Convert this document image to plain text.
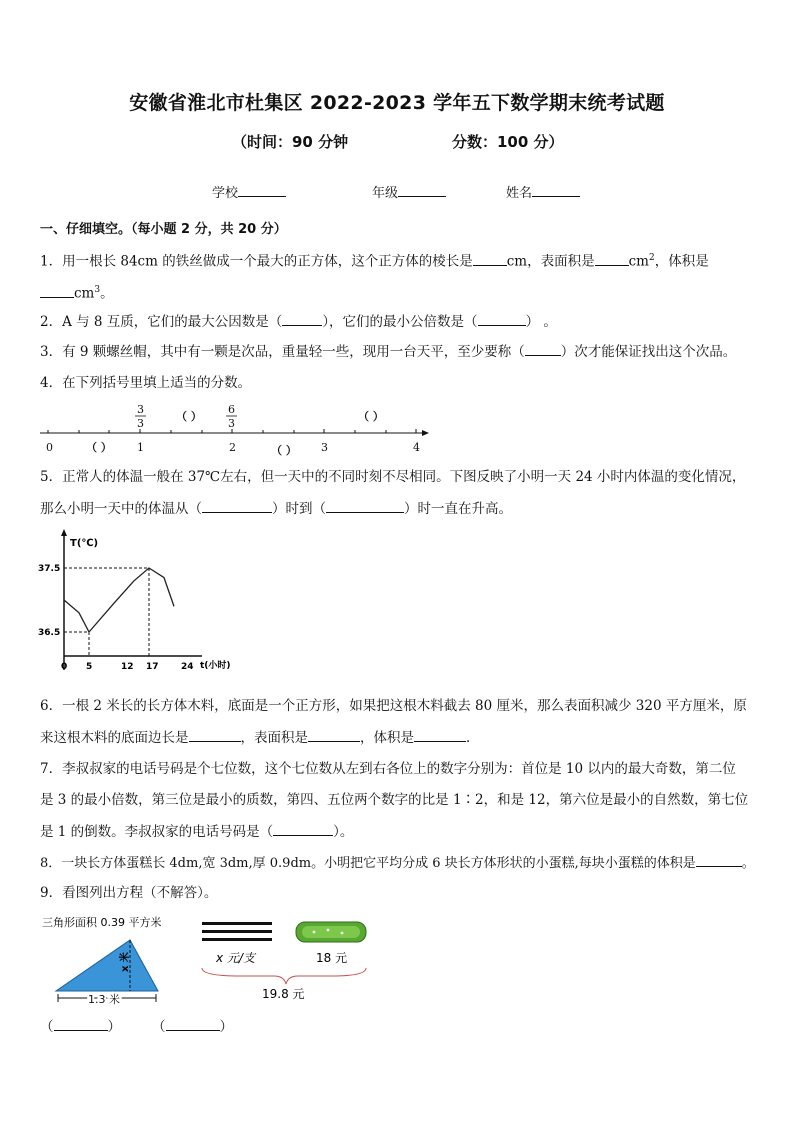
安徽省淮北市杜集区 2022-2023 学年五下数学期末统考试题
（时间：90 分钟	分数：100 分）
学校	年级	姓名
一、仔细填空。（每小题 2 分，共 20 分）
1．用一根长 84cm 的铁丝做成一个最大的正方体，这个正方体的棱长是	cm，表面积是	$cm^2$，体积是
$cm^3$。
2．A 与 8 互质，它们的最大公因数是（	），它们的最小公倍数是（	） 。
3．有 9 颗螺丝帽，其中有一颗是次品，重量轻一些，现用一台天平，至少要称（	）次才能保证找出这个次品。
4．在下列括号里填上适当的分数。
0	1	2	3	4
3
3
6
3
（ ）	（ ）
（ ）	（ ）
5．正常人的体温一般在 37℃左右，但一天中的不同时刻不尽相同。下图反映了小明一天 24 小时内体温的变化情况，
那么小明一天中的体温从（	）时到（	）时一直在升高。
T(℃)
t(小时)
0 5	12 17 24
36.5
37.5
6．一根 2 米长的长方体木料，底面是一个正方形，如果把这根木料截去 80 厘米，那么表面积减少 320 平方厘米，原
来这根木料的底面边长是	，表面积是	，体积是	．
7．李叔叔家的电话号码是个七位数，这个七位数从左到右各位上的数字分别为：首位是 10 以内的最大奇数，第二位
是 3 的最小倍数，第三位是最小的质数，第四、五位两个数字的比是 1∶2，和是 12，第六位是最小的自然数，第七位
是 1 的倒数。李叔叔家的电话号码是（	）。
8．一块长方体蛋糕长 4dm,宽 3dm,厚 0.9dm。小明把它平均分成 6 块长方体形状的小蛋糕,每块小蛋糕的体积是	。
9．看图列出方程（不解答）。
三角形面积 0.39 平方米
x 米
1.3 米
x 元/支	18 元
19.8 元
（	） （	）
